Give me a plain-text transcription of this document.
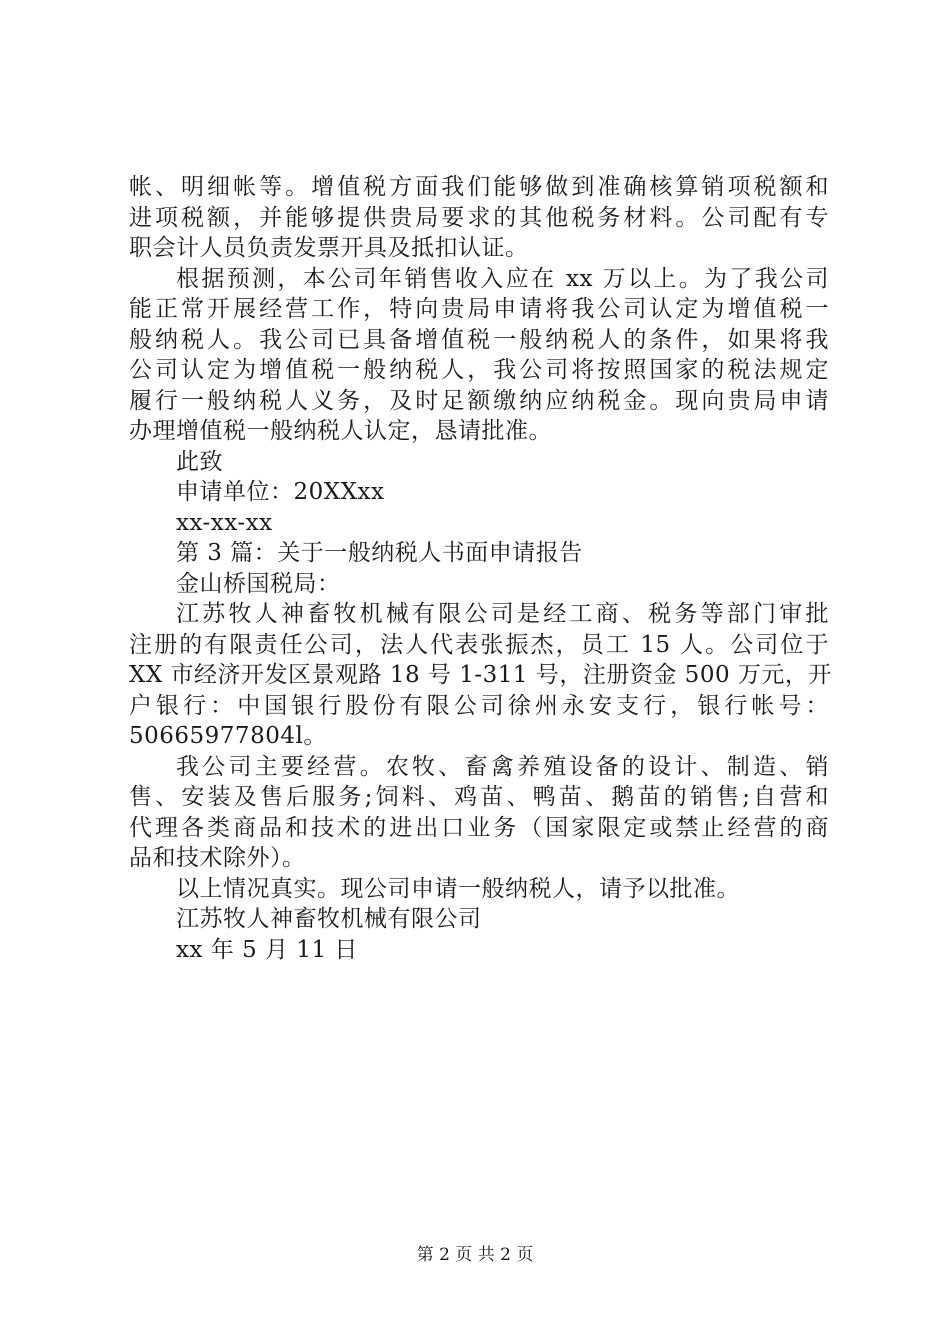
帐、明细帐等。增值税方面我们能够做到准确核算销项税额和
进项税额，并能够提供贵局要求的其他税务材料。公司配有专
职会计人员负责发票开具及抵扣认证。
根据预测，本公司年销售收入应在 xx 万以上。为了我公司
能正常开展经营工作，特向贵局申请将我公司认定为增值税一
般纳税人。我公司已具备增值税一般纳税人的条件，如果将我
公司认定为增值税一般纳税人，我公司将按照国家的税法规定
履行一般纳税人义务，及时足额缴纳应纳税金。现向贵局申请
办理增值税一般纳税人认定，恳请批准。
此致
申请单位：20XXxx
xx-xx-xx
第 3 篇：关于一般纳税人书面申请报告
金山桥国税局：
江苏牧人神畜牧机械有限公司是经工商、税务等部门审批
注册的有限责任公司，法人代表张振杰，员工 15 人。公司位于
XX 市经济开发区景观路 18 号 1-311 号，注册资金 500 万元，开
户银行：中国银行股份有限公司徐州永安支行，银行帐号：
50665977804l。
我公司主要经营。农牧、畜禽养殖设备的设计、制造、销
售、安装及售后服务;饲料、鸡苗、鸭苗、鹅苗的销售;自营和
代理各类商品和技术的进出口业务（国家限定或禁止经营的商
品和技术除外）。
以上情况真实。现公司申请一般纳税人，请予以批准。
江苏牧人神畜牧机械有限公司
xx 年 5 月 11 日
第 2 页 共 2 页
